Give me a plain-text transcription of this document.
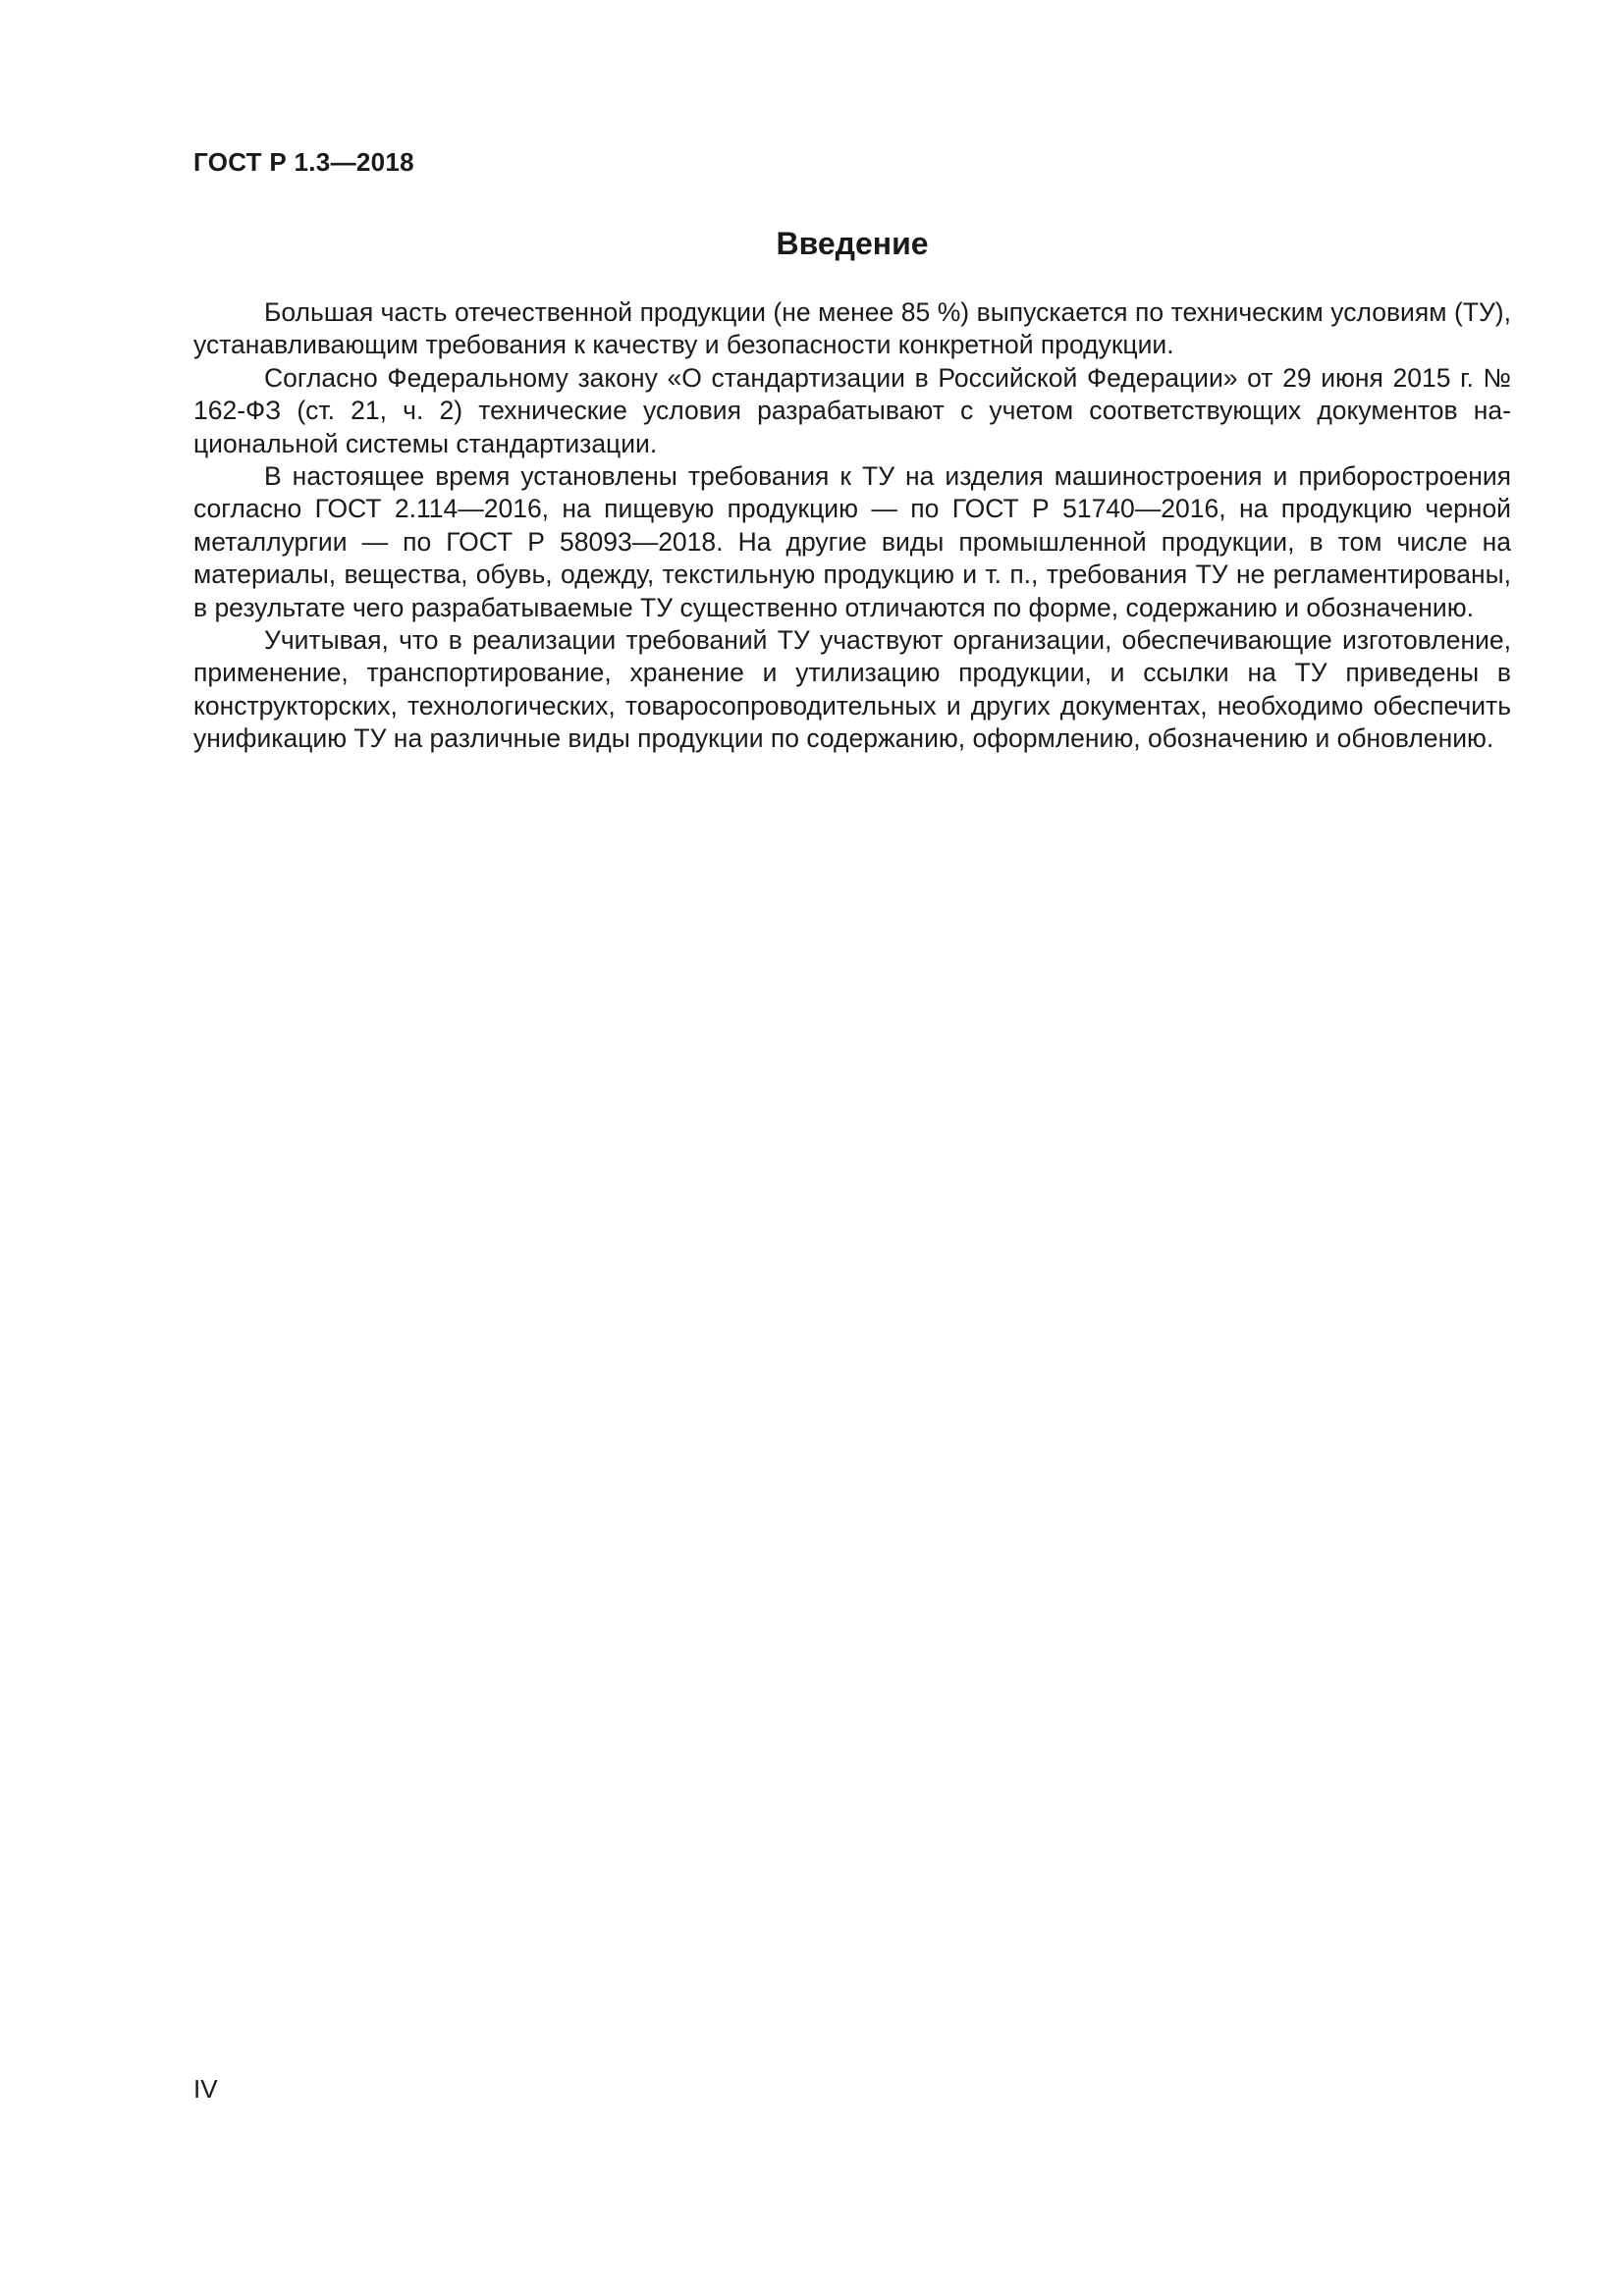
ГОСТ Р 1.3—2018
Введение

Большая часть отечественной продукции (не менее 85 %) выпускается по техническим условиям (ТУ), устанавливающим требования к качеству и безопасности конкретной продукции.

Согласно Федеральному закону «О стандартизации в Российской Федерации» от 29 июня 2015 г. № 162-ФЗ (ст. 21, ч. 2) технические условия разрабатывают с учетом соответствующих документов национальной системы стандартизации.

В настоящее время установлены требования к ТУ на изделия машиностроения и приборостроения согласно ГОСТ 2.114—2016, на пищевую продукцию — по ГОСТ Р 51740—2016, на продукцию черной металлургии — по ГОСТ Р 58093—2018. На другие виды промышленной продукции, в том числе на материалы, вещества, обувь, одежду, текстильную продукцию и т. п., требования ТУ не регламентированы, в результате чего разрабатываемые ТУ существенно отличаются по форме, содержанию и обозначению.

Учитывая, что в реализации требований ТУ участвуют организации, обеспечивающие изготовление, применение, транспортирование, хранение и утилизацию продукции, и ссылки на ТУ приведены в конструкторских, технологических, товаросопроводительных и других документах, необходимо обеспечить унификацию ТУ на различные виды продукции по содержанию, оформлению, обозначению и обновлению.

IV
